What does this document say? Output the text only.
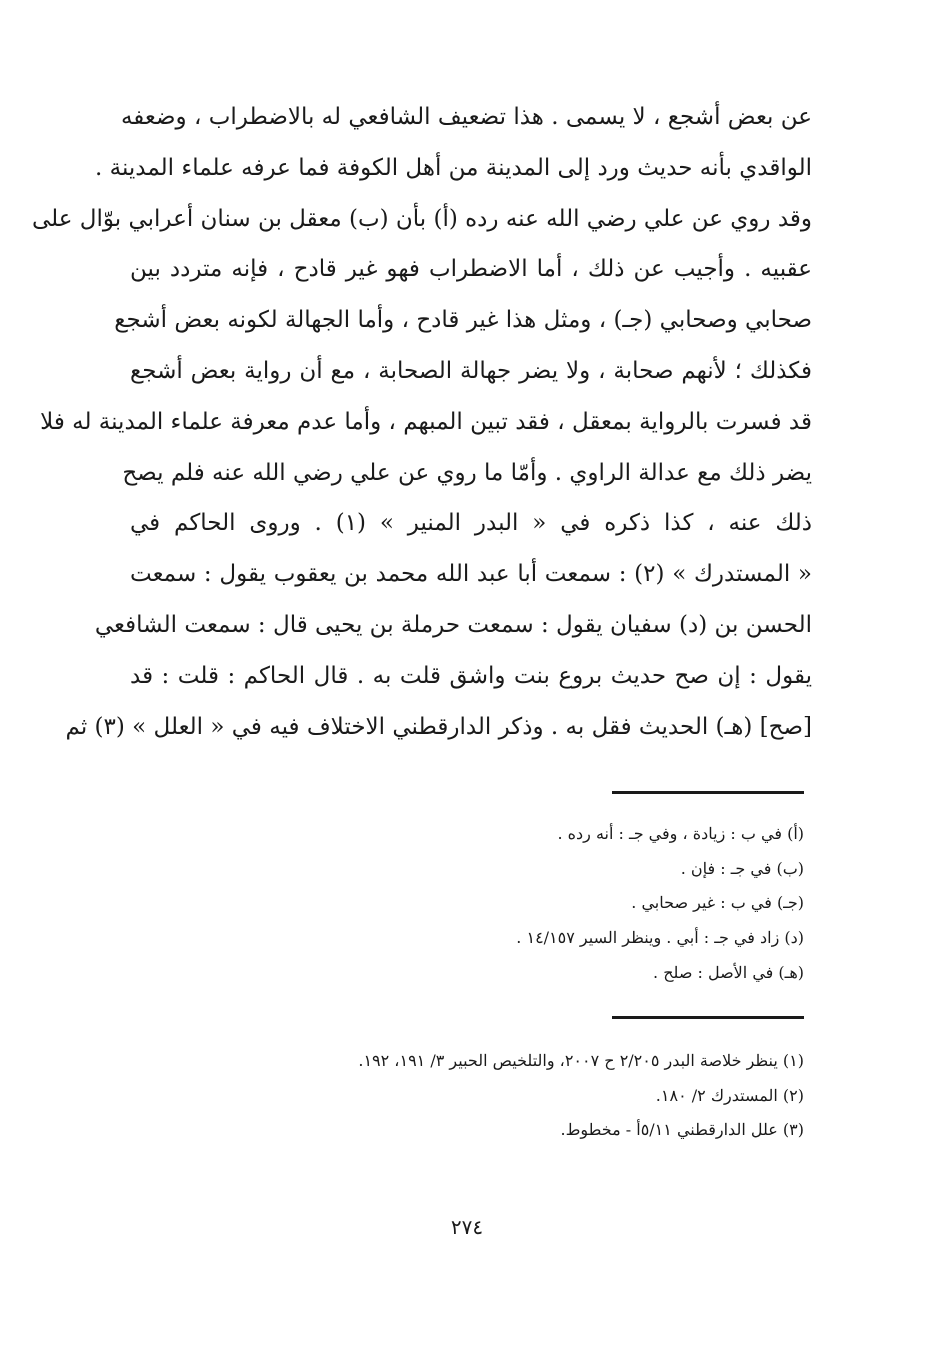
عن بعض أشجع ، لا يسمى . هذا تضعيف الشافعي له بالاضطراب ، وضعفه
الواقدي بأنه حديث ورد إلى المدينة من أهل الكوفة فما عرفه علماء المدينة .
وقد روي عن علي رضي الله عنه رده (أ) بأن (ب) معقل بن سنان أعرابي بوّال على
عقبيه . وأجيب عن ذلك ، أما الاضطراب فهو غير قادح ، فإنه متردد بين
صحابي وصحابي (جـ) ، ومثل هذا غير قادح ، وأما الجهالة لكونه بعض أشجع
فكذلك ؛ لأنهم صحابة ، ولا يضر جهالة الصحابة ، مع أن رواية بعض أشجع
قد فسرت بالرواية بمعقل ، فقد تبين المبهم ، وأما عدم معرفة علماء المدينة له فلا
يضر ذلك مع عدالة الراوي . وأمّا ما روي عن علي رضي الله عنه فلم يصح
ذلك عنه ، كذا ذكره في « البدر المنير » (١) . وروى الحاكم في
« المستدرك » (٢) : سمعت أبا عبد الله محمد بن يعقوب يقول : سمعت
الحسن بن (د) سفيان يقول : سمعت حرملة بن يحيى قال : سمعت الشافعي
يقول : إن صح حديث بروع بنت واشق قلت به . قال الحاكم : قلت : قد
[صح] (هـ) الحديث فقل به . وذكر الدارقطني الاختلاف فيه في « العلل » (٣) ثم
(أ) في ب : زيادة ، وفي جـ : أنه رده .
(ب) في جـ : فإن .
(جـ) في ب : غير صحابي .
(د) زاد في جـ : أبي . وينظر السير ١٤/١٥٧ .
(هـ) في الأصل : صلح .
(١) ينظر خلاصة البدر ٢/٢٠٥ ح ٢٠٠٧، والتلخيص الحبير ٣/ ١٩١، ١٩٢.
(٢) المستدرك ٢/ ١٨٠.
(٣) علل الدارقطني ٥/١١أ - مخطوط.
٢٧٤
